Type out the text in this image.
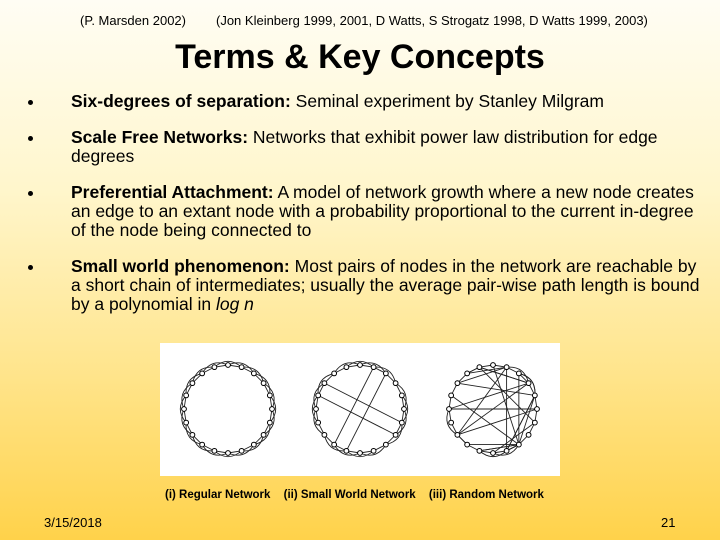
(P. Marsden 2002) (Jon Kleinberg 1999, 2001, D Watts, S Strogatz 1998, D Watts 1999, 2003)
Terms & Key Concepts
Six-degrees of separation: Seminal experiment by Stanley Milgram
Scale Free Networks: Networks that exhibit power law distribution for edge degrees
Preferential Attachment: A model of network growth where a new node creates an edge to an extant node with a probability proportional to the current in-degree of the node being connected to
Small world phenomenon: Most pairs of nodes in the network are reachable by a short chain of intermediates; usually the average pair-wise path length is bound by a polynomial in log n
(i) Regular Network (ii) Small World Network (iii) Random Network
3/15/2018	21
